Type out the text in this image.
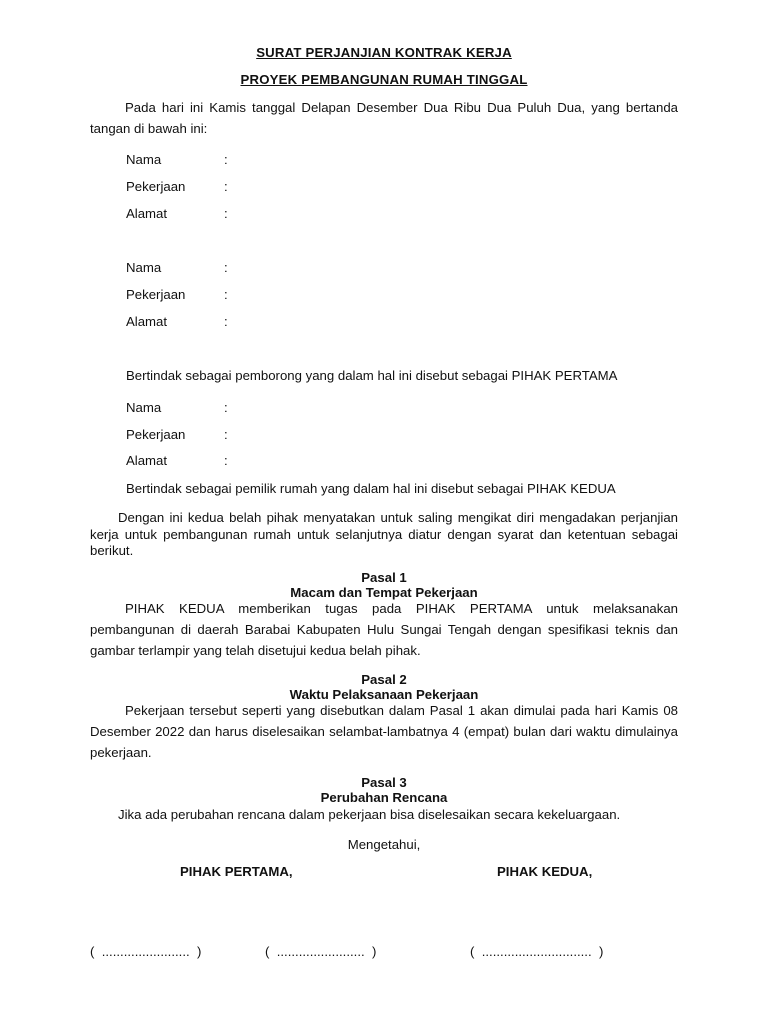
SURAT PERJANJIAN KONTRAK KERJA
PROYEK PEMBANGUNAN RUMAH TINGGAL
Pada hari ini Kamis tanggal Delapan Desember Dua Ribu Dua Puluh Dua, yang bertanda tangan di bawah ini:
Nama	:
Pekerjaan	:
Alamat	:
Nama	:
Pekerjaan	:
Alamat	:
Bertindak sebagai pemborong yang dalam hal ini disebut sebagai PIHAK PERTAMA
Nama	:
Pekerjaan	:
Alamat	:
Bertindak sebagai pemilik rumah yang dalam hal ini disebut sebagai PIHAK KEDUA
Dengan ini kedua belah pihak menyatakan untuk saling mengikat diri mengadakan perjanjian kerja untuk pembangunan rumah untuk selanjutnya diatur dengan syarat dan ketentuan sebagai berikut.
Pasal 1
Macam dan Tempat Pekerjaan
PIHAK KEDUA memberikan tugas pada PIHAK PERTAMA untuk melaksanakan pembangunan di daerah Barabai Kabupaten Hulu Sungai Tengah dengan spesifikasi teknis dan gambar terlampir yang telah disetujui kedua belah pihak.
Pasal 2
Waktu Pelaksanaan Pekerjaan
Pekerjaan tersebut seperti yang disebutkan dalam Pasal 1 akan dimulai pada hari Kamis 08 Desember 2022 dan harus diselesaikan selambat-lambatnya 4 (empat) bulan dari waktu dimulainya pekerjaan.
Pasal 3
Perubahan Rencana
Jika ada perubahan rencana dalam pekerjaan bisa diselesaikan secara kekeluargaan.
Mengetahui,
PIHAK PERTAMA,	PIHAK KEDUA,
(  ........................  )	(  ........................  )	(  ..............................  )
